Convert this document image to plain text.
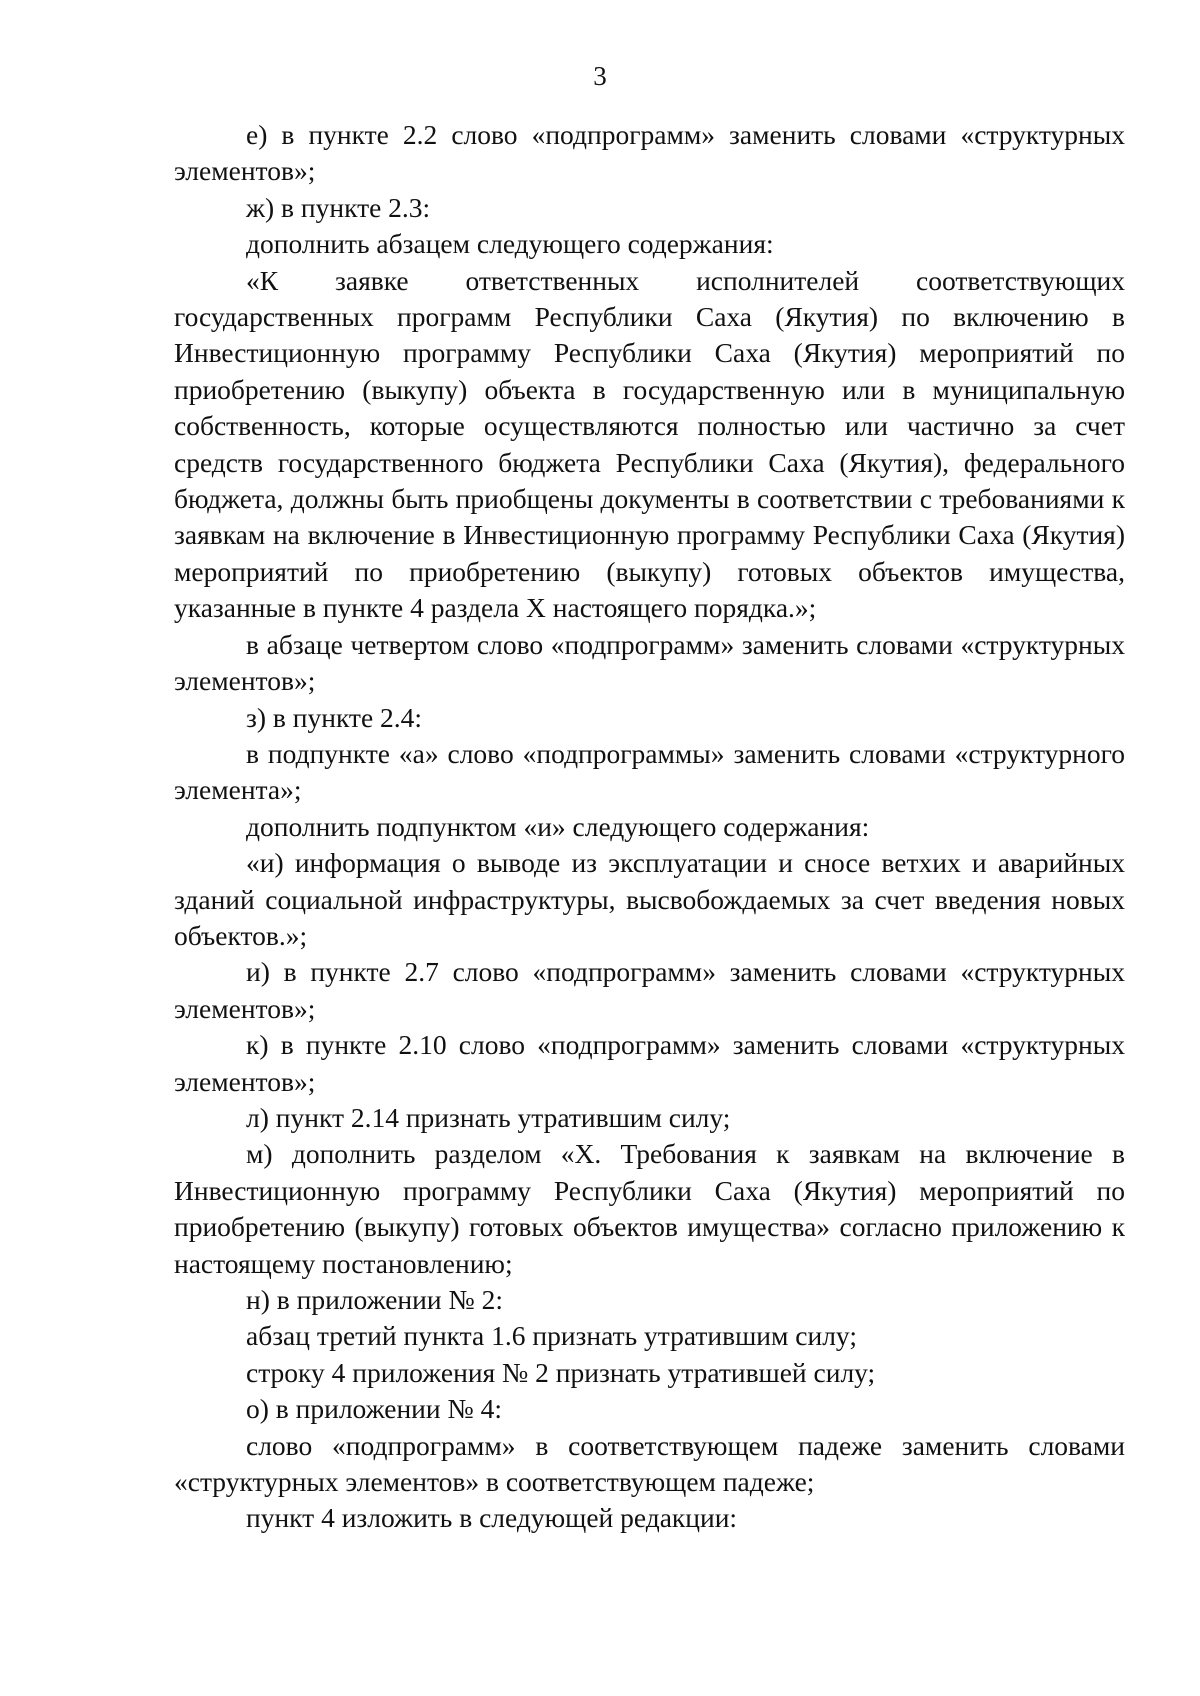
3

е) в пункте 2.2 слово «подпрограмм» заменить словами «структурных элементов»;

ж) в пункте 2.3:

дополнить абзацем следующего содержания:

«К заявке ответственных исполнителей соответствующих государственных программ Республики Саха (Якутия) по включению в Инвестиционную программу Республики Саха (Якутия) мероприятий по приобретению (выкупу) объекта в государственную или в муниципальную собственность, которые осуществляются полностью или частично за счет средств государственного бюджета Республики Саха (Якутия), федерального бюджета, должны быть приобщены документы в соответствии с требованиями к заявкам на включение в Инвестиционную программу Республики Саха (Якутия) мероприятий по приобретению (выкупу) готовых объектов имущества, указанные в пункте 4 раздела X настоящего порядка.»;

в абзаце четвертом слово «подпрограмм» заменить словами «структурных элементов»;

з) в пункте 2.4:

в подпункте «а» слово «подпрограммы» заменить словами «структурного элемента»;

дополнить подпунктом «и» следующего содержания:

«и) информация о выводе из эксплуатации и сносе ветхих и аварийных зданий социальной инфраструктуры, высвобождаемых за счет введения новых объектов.»;

и) в пункте 2.7 слово «подпрограмм» заменить словами «структурных элементов»;

к) в пункте 2.10 слово «подпрограмм» заменить словами «структурных элементов»;

л) пункт 2.14 признать утратившим силу;

м) дополнить разделом «X. Требования к заявкам на включение в Инвестиционную программу Республики Саха (Якутия) мероприятий по приобретению (выкупу) готовых объектов имущества» согласно приложению к настоящему постановлению;

н) в приложении № 2:

абзац третий пункта 1.6 признать утратившим силу;

строку 4 приложения № 2 признать утратившей силу;

о) в приложении № 4:

слово «подпрограмм» в соответствующем падеже заменить словами «структурных элементов» в соответствующем падеже;

пункт 4 изложить в следующей редакции:
